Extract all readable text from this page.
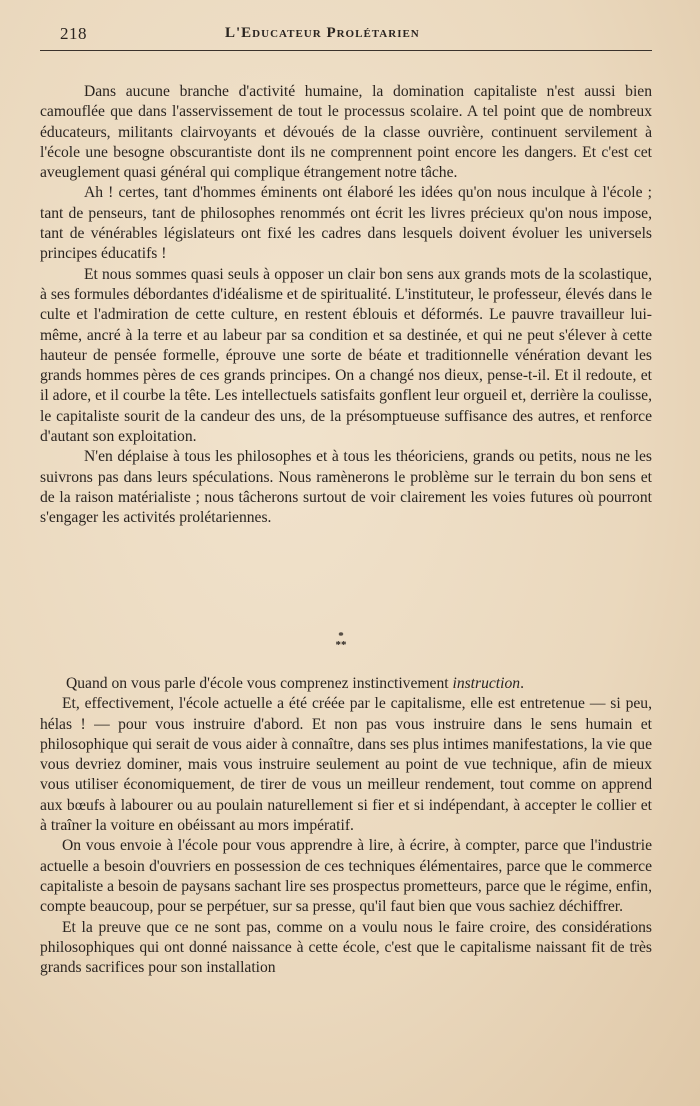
218	L'Educateur Prolétarien

Dans aucune branche d'activité humaine, la domination capitaliste n'est aussi bien camouflée que dans l'asservissement de tout le processus scolaire. A tel point que de nombreux éducateurs, militants clairvoyants et dévoués de la classe ouvrière, continuent servilement à l'école une besogne obscurantiste dont ils ne comprennent point encore les dangers. Et c'est cet aveuglement quasi général qui complique étrangement notre tâche.

Ah ! certes, tant d'hommes éminents ont élaboré les idées qu'on nous inculque à l'école ; tant de penseurs, tant de philosophes renommés ont écrit les livres précieux qu'on nous impose, tant de vénérables législateurs ont fixé les cadres dans lesquels doivent évoluer les universels principes éducatifs !

Et nous sommes quasi seuls à opposer un clair bon sens aux grands mots de la scolastique, à ses formules débordantes d'idéalisme et de spiritualité. L'instituteur, le professeur, élevés dans le culte et l'admiration de cette culture, en restent éblouis et déformés. Le pauvre travailleur lui-même, ancré à la terre et au labeur par sa condition et sa destinée, et qui ne peut s'élever à cette hauteur de pensée formelle, éprouve une sorte de béate et traditionnelle vénération devant les grands hommes pères de ces grands principes. On a changé nos dieux, pense-t-il. Et il redoute, et il adore, et il courbe la tête. Les intellectuels satisfaits gonflent leur orgueil et, derrière la coulisse, le capitaliste sourit de la candeur des uns, de la présomptueuse suffisance des autres, et renforce d'autant son exploitation.

N'en déplaise à tous les philosophes et à tous les théoriciens, grands ou petits, nous ne les suivrons pas dans leurs spéculations. Nous ramènerons le problème sur le terrain du bon sens et de la raison matérialiste ; nous tâcherons surtout de voir clairement les voies futures où pourront s'engager les activités prolétariennes.

*
**

Quand on vous parle d'école vous comprenez instinctivement instruction.

Et, effectivement, l'école actuelle a été créée par le capitalisme, elle est entretenue — si peu, hélas ! — pour vous instruire d'abord. Et non pas vous instruire dans le sens humain et philosophique qui serait de vous aider à connaître, dans ses plus intimes manifestations, la vie que vous devriez dominer, mais vous instruire seulement au point de vue technique, afin de mieux vous utiliser économiquement, de tirer de vous un meilleur rendement, tout comme on apprend aux bœufs à labourer ou au poulain naturellement si fier et si indépendant, à accepter le collier et à traîner la voiture en obéissant au mors impératif.

On vous envoie à l'école pour vous apprendre à lire, à écrire, à compter, parce que l'industrie actuelle a besoin d'ouvriers en possession de ces techniques élémentaires, parce que le commerce capitaliste a besoin de paysans sachant lire ses prospectus prometteurs, parce que le régime, enfin, compte beaucoup, pour se perpétuer, sur sa presse, qu'il faut bien que vous sachiez déchiffrer.

Et la preuve que ce ne sont pas, comme on a voulu nous le faire croire, des considérations philosophiques qui ont donné naissance à cette école, c'est que le capitalisme naissant fit de très grands sacrifices pour son installation
